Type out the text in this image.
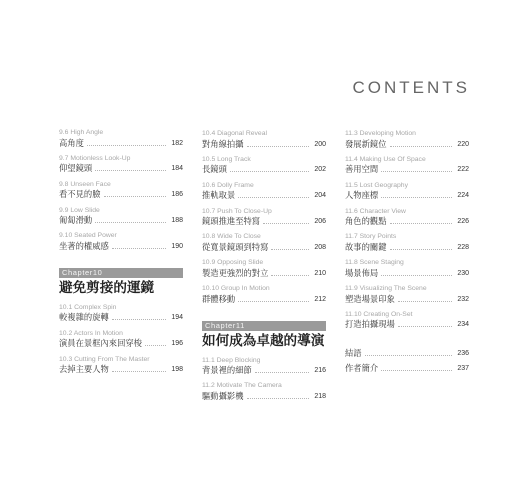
CONTENTS
9.6 High Angle
高角度	182
9.7 Motionless Look-Up
仰望鏡頭	184
9.8 Unseen Face
看不見的臉	186
9.9 Low Slide
匍匐滑動	188
9.10 Seated Power
坐著的權威感	190
Chapter10
避免剪接的運鏡
10.1 Complex Spin
較複雜的旋轉	194
10.2 Actors In Motion
演員在景框內來回穿梭	196
10.3 Cutting From The Master
去掉主要人物	198
10.4 Diagonal Reveal
對角線拍攝	200
10.5 Long Track
長鏡頭	202
10.6 Dolly Frame
推軌取景	204
10.7 Push To Close-Up
鏡頭推進至特寫	206
10.8 Wide To Close
從寬景鏡頭到特寫	208
10.9 Opposing Slide
製造更強烈的對立	210
10.10 Group In Motion
群體移動	212
Chapter11
如何成為卓越的導演
11.1 Deep Blocking
背景裡的細節	216
11.2 Motivate The Camera
驅動攝影機	218
11.3 Developing Motion
發展新鏡位	220
11.4 Making Use Of Space
善用空間	222
11.5 Lost Geography
人物座標	224
11.6 Character View
角色的觀點	226
11.7 Story Points
故事的關鍵	228
11.8 Scene Staging
場景佈局	230
11.9 Visualizing The Scene
塑造場景印象	232
11.10 Creating On-Set
打造拍攝現場	234
結語	236
作者簡介	237
